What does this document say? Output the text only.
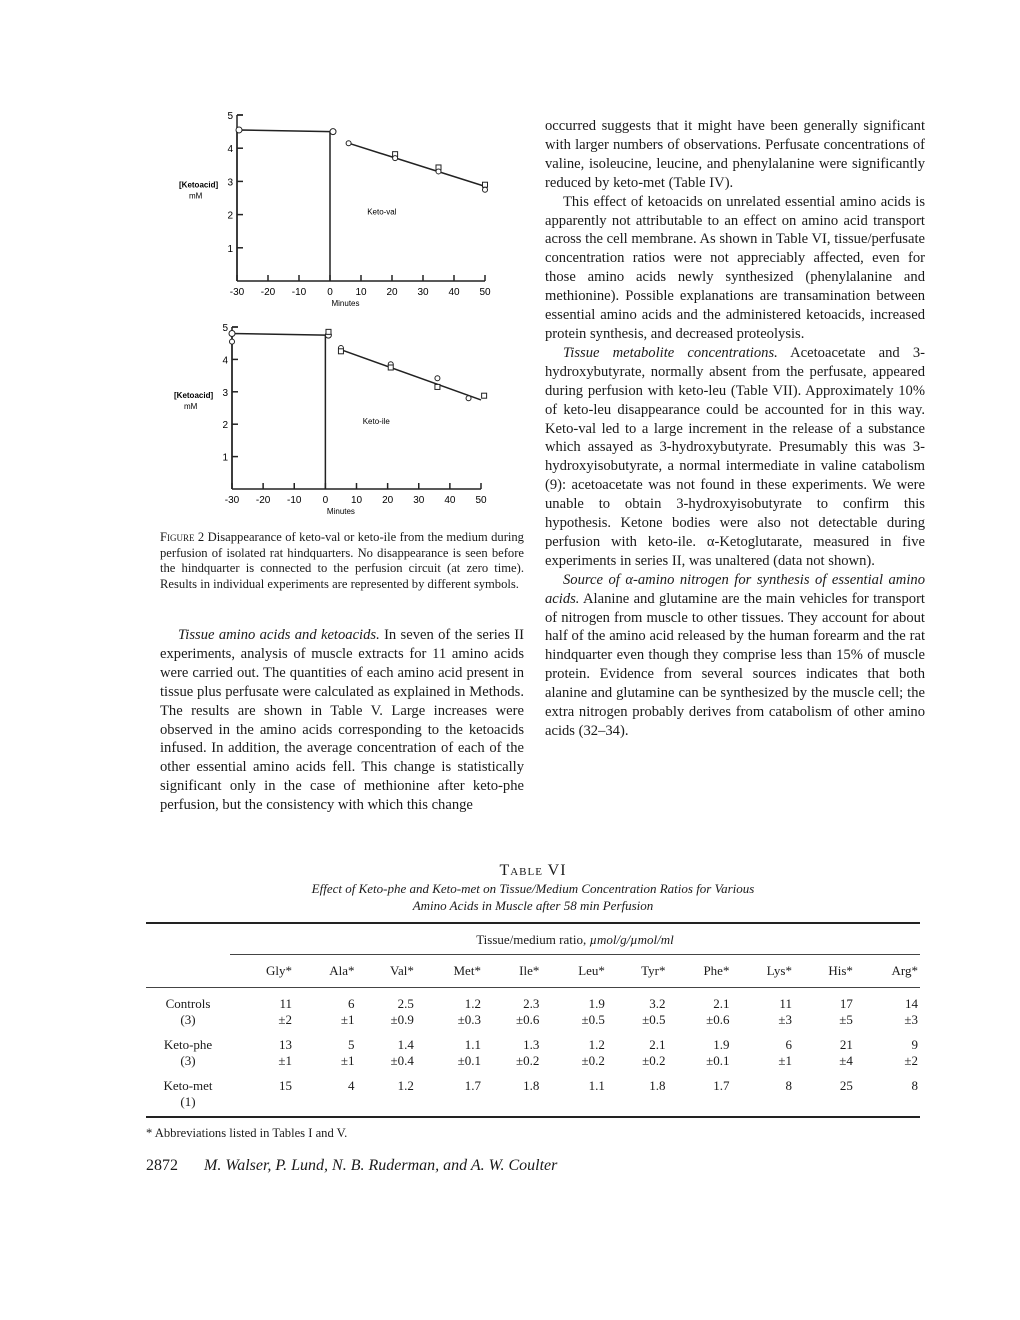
-30 -20 -10 0 10 20 30 40 50
1
2
3
4
5
Minutes
[Ketoacid]
mM
Keto-val
-30 -20 -10 0 10 20 30 40 50
1
2
3
4
5
Minutes
[Ketoacid]
mM
Keto-ile
Figure 2 Disappearance of keto-val or keto-ile from the medium during perfusion of isolated rat hindquarters. No disappearance is seen before the hindquarter is connected to the perfusion circuit (at zero time). Results in individual experiments are represented by different symbols.

Tissue amino acids and ketoacids. In seven of the series II experiments, analysis of muscle extracts for 11 amino acids were carried out. The quantities of each amino acid present in tissue plus perfusate were calculated as explained in Methods. The results are shown in Table V. Large increases were observed in the amino acids corresponding to the ketoacids infused. In addition, the average concentration of each of the other essential amino acids fell. This change is statistically significant only in the case of methionine after keto-phe perfusion, but the consistency with which this change

occurred suggests that it might have been generally significant with larger numbers of observations. Perfusate concentrations of valine, isoleucine, leucine, and phenylalanine were significantly reduced by keto-met (Table IV).

This effect of ketoacids on unrelated essential amino acids is apparently not attributable to an effect on amino acid transport across the cell membrane. As shown in Table VI, tissue/perfusate concentration ratios were not appreciably affected, even for those amino acids newly synthesized (phenylalanine and methionine). Possible explanations are transamination between essential amino acids and the administered ketoacids, increased protein synthesis, and decreased proteolysis.

Tissue metabolite concentrations. Acetoacetate and 3-hydroxybutyrate, normally absent from the perfusate, appeared during perfusion with keto-leu (Table VII). Approximately 10% of keto-leu disappearance could be accounted for in this way. Keto-val led to a large increment in the release of a substance which assayed as 3-hydroxybutyrate. Presumably this was 3-hydroxyisobutyrate, a normal intermediate in valine catabolism (9): acetoacetate was not found in these experiments. We were unable to obtain 3-hydroxyisobutyrate to confirm this hypothesis. Ketone bodies were also not detectable during perfusion with keto-ile. α-Ketoglutarate, measured in five experiments in series II, was unaltered (data not shown).

Source of α-amino nitrogen for synthesis of essential amino acids. Alanine and glutamine are the main vehicles for transport of nitrogen from muscle to other tissues. They account for about half of the amino acid released by the human forearm and the rat hindquarter even though they comprise less than 15% of muscle protein. Evidence from several sources indicates that both alanine and glutamine can be synthesized by the muscle cell; the extra nitrogen probably derives from catabolism of other amino acids (32–34).

Table VI
Effect of Keto-phe and Keto-met on Tissue/Medium Concentration Ratios for Various
Amino Acids in Muscle after 58 min Perfusion
	Tissue/medium ratio, µmol/g/µmol/ml										
	Gly*	Ala*	Val*	Met*	Ile*	Leu*	Tyr*	Phe*	Lys*	His*	Arg*

Controls	11	6	2.5	1.2	2.3	1.9	3.2	2.1	11	17	14
(3)	±2	±1	±0.9	±0.3	±0.6	±0.5	±0.5	±0.6	±3	±5	±3

Keto-phe	13	5	1.4	1.1	1.3	1.2	2.1	1.9	6	21	9
(3)	±1	±1	±0.4	±0.1	±0.2	±0.2	±0.2	±0.1	±1	±4	±2

Keto-met	15	4	1.2	1.7	1.8	1.1	1.8	1.7	8	25	8
(1)											

* Abbreviations listed in Tables I and V.
2872 M. Walser, P. Lund, N. B. Ruderman, and A. W. Coulter
